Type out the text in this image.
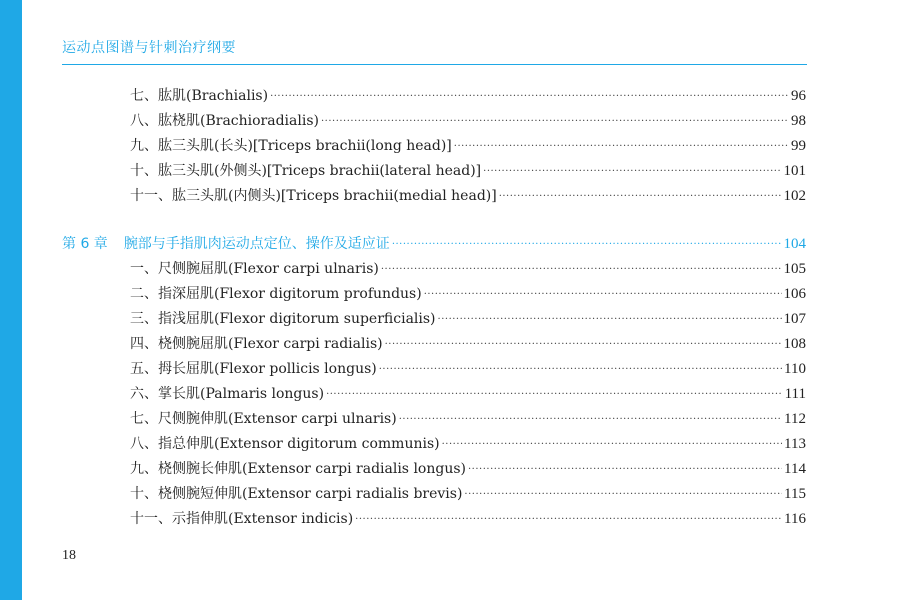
运动点图谱与针刺治疗纲要
七、肱肌(Brachialis) ·····	96
八、肱桡肌(Brachioradialis) ·····	98
九、肱三头肌(长头)[Triceps brachii(long head)] ·····	99
十、肱三头肌(外侧头)[Triceps brachii(lateral head)] ·····	101
十一、肱三头肌(内侧头)[Triceps brachii(medial head)] ·····	102
第 6 章 腕部与手指肌肉运动点定位、操作及适应证 ·····	104
一、尺侧腕屈肌(Flexor carpi ulnaris) ·····	105
二、指深屈肌(Flexor digitorum profundus) ·····	106
三、指浅屈肌(Flexor digitorum superficialis) ·····	107
四、桡侧腕屈肌(Flexor carpi radialis) ·····	108
五、拇长屈肌(Flexor pollicis longus) ·····	110
六、掌长肌(Palmaris longus) ·····	111
七、尺侧腕伸肌(Extensor carpi ulnaris) ·····	112
八、指总伸肌(Extensor digitorum communis) ·····	113
九、桡侧腕长伸肌(Extensor carpi radialis longus) ·····	114
十、桡侧腕短伸肌(Extensor carpi radialis brevis) ·····	115
十一、示指伸肌(Extensor indicis) ·····	116
18
